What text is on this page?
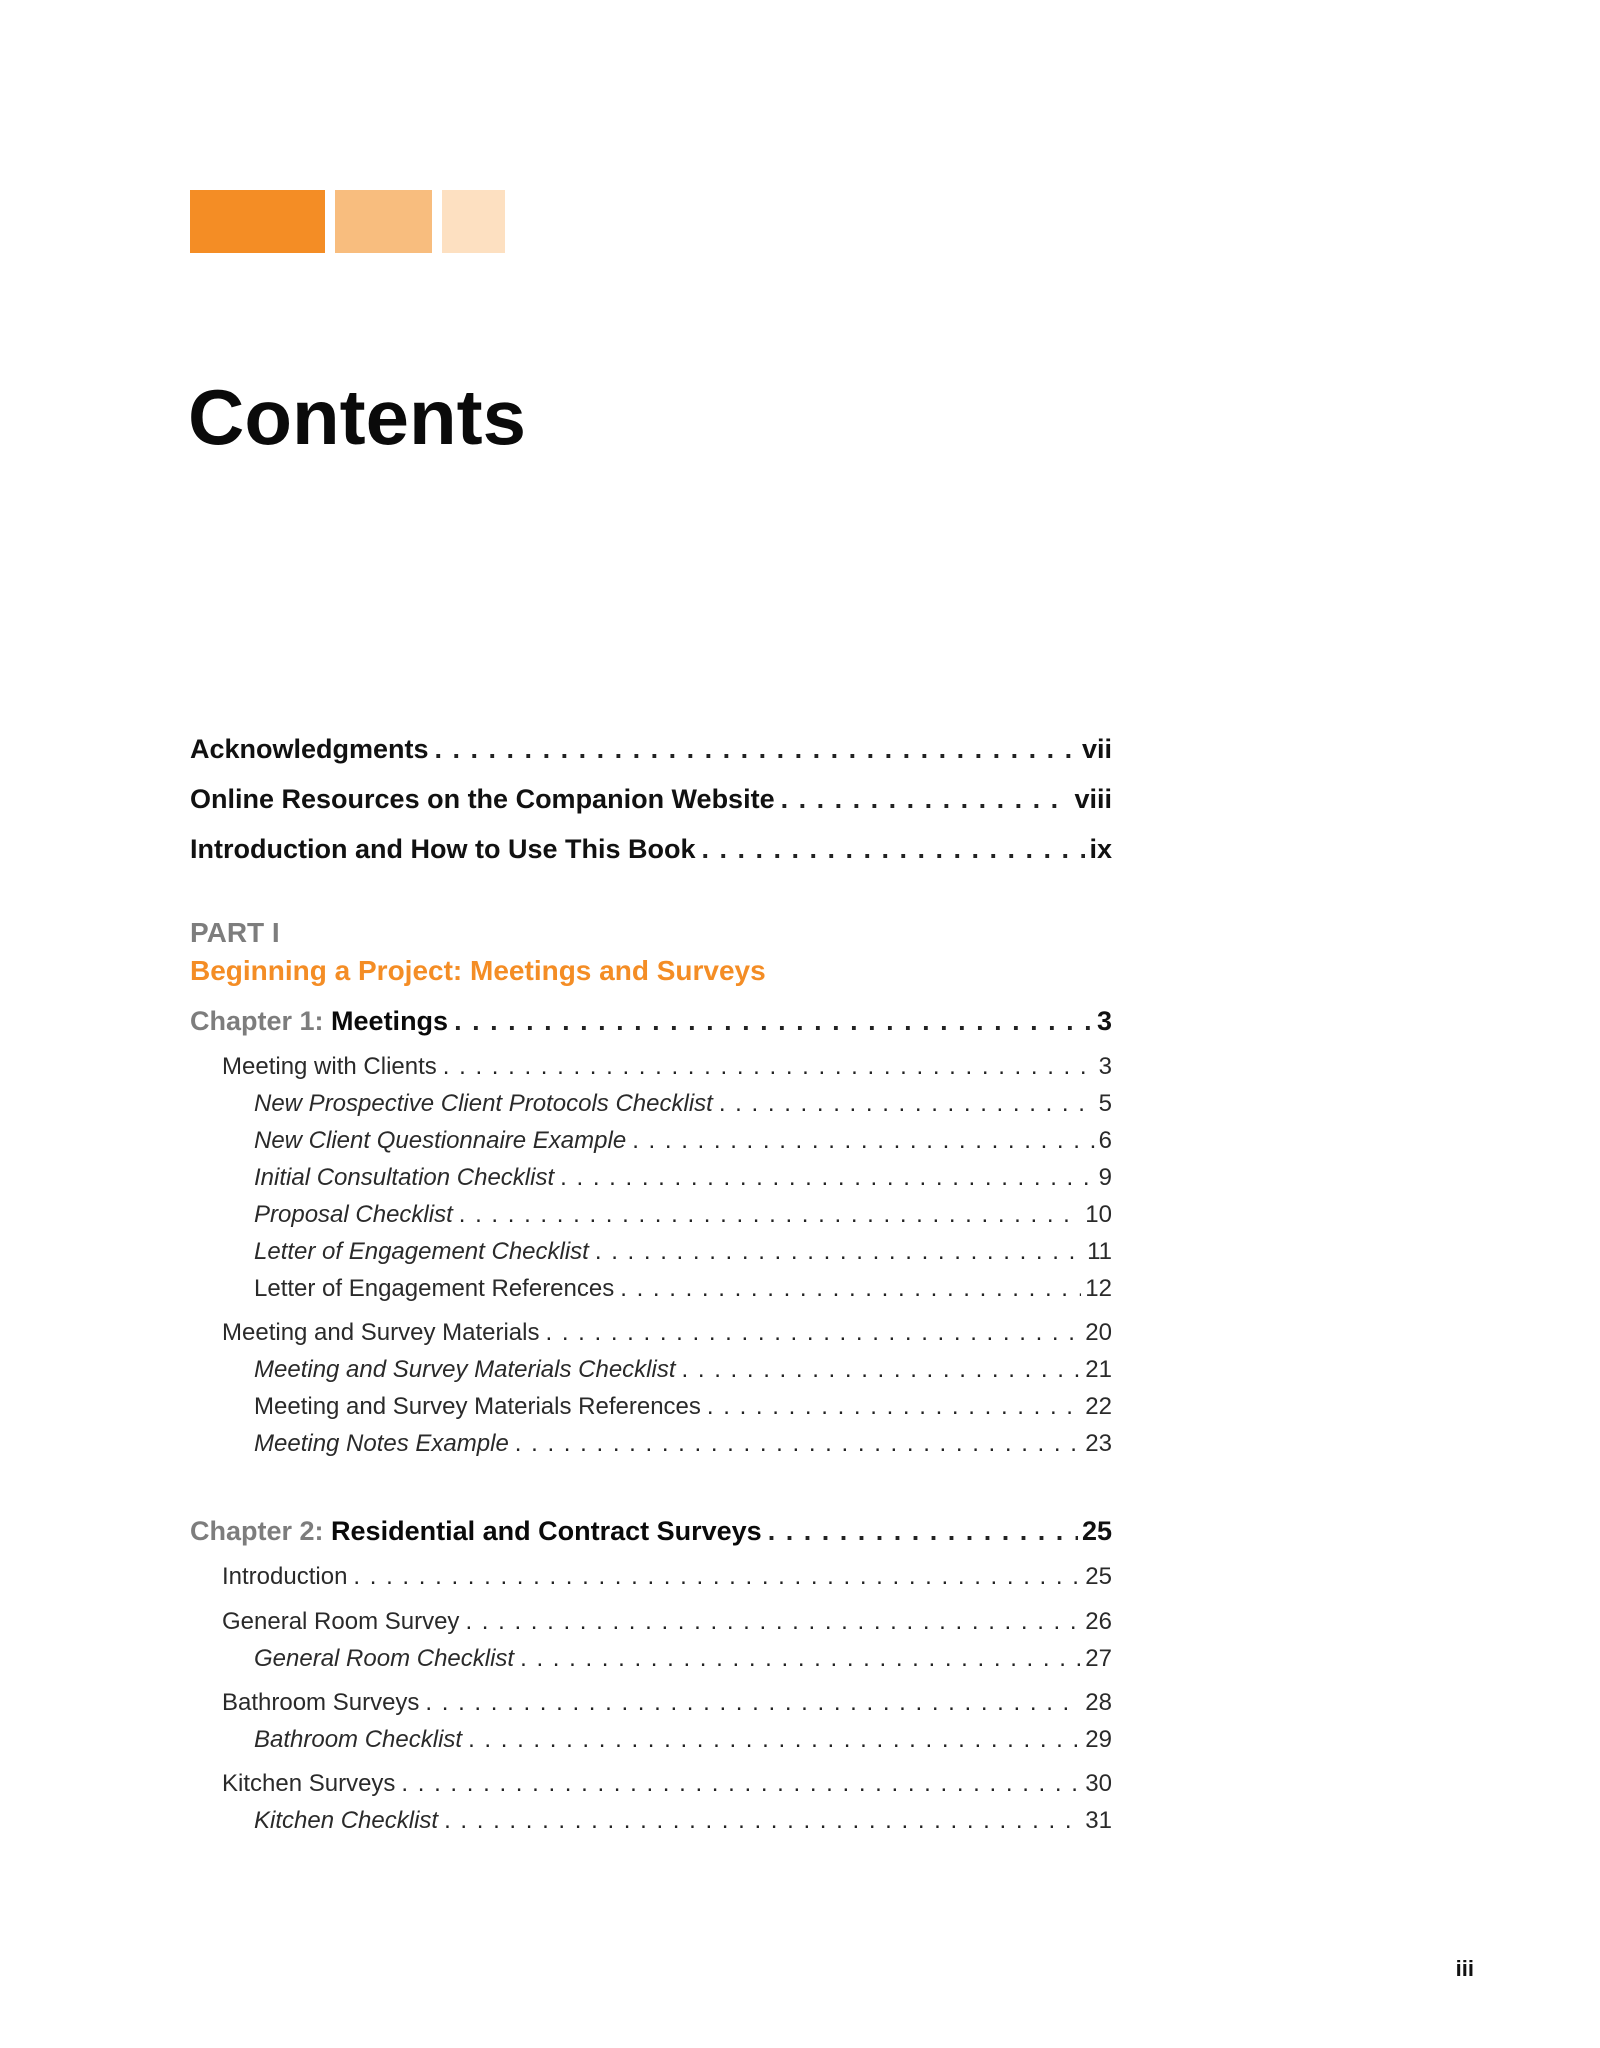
Contents
Acknowledgments . . .	vii
Online Resources on the Companion Website . . .	viii
Introduction and How to Use This Book . . .	ix

PART I

Beginning a Project: Meetings and Surveys

Chapter 1: Meetings . . .	3
Meeting with Clients . . .	3
New Prospective Client Protocols Checklist . . .	5
New Client Questionnaire Example . . .	6
Initial Consultation Checklist . . .	9
Proposal Checklist . . .	10
Letter of Engagement Checklist . . .	11
Letter of Engagement References . . .	12
Meeting and Survey Materials . . .	20
Meeting and Survey Materials Checklist . . .	21
Meeting and Survey Materials References . . .	22
Meeting Notes Example . . .	23
Chapter 2: Residential and Contract Surveys . . .	25
Introduction . . .	25
General Room Survey . . .	26
General Room Checklist . . .	27
Bathroom Surveys . . .	28
Bathroom Checklist . . .	29
Kitchen Surveys . . .	30
Kitchen Checklist . . .	31
iii
